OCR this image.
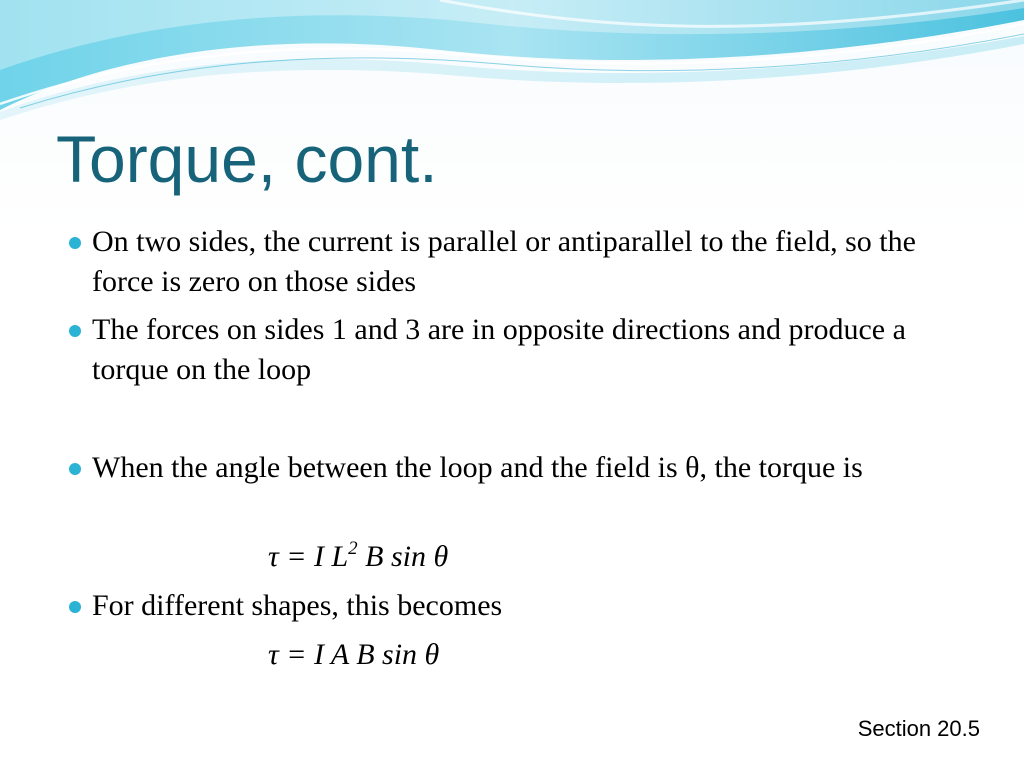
Torque, cont.
On two sides, the current is parallel or antiparallel to the field, so the force is zero on those sides
The forces on sides 1 and 3 are in opposite directions and produce a torque on the loop
When the angle between the loop and the field is θ, the torque is
τ = I $L^2$ B sin θ
For different shapes, this becomes
τ = I A B sin θ
Section 20.5
